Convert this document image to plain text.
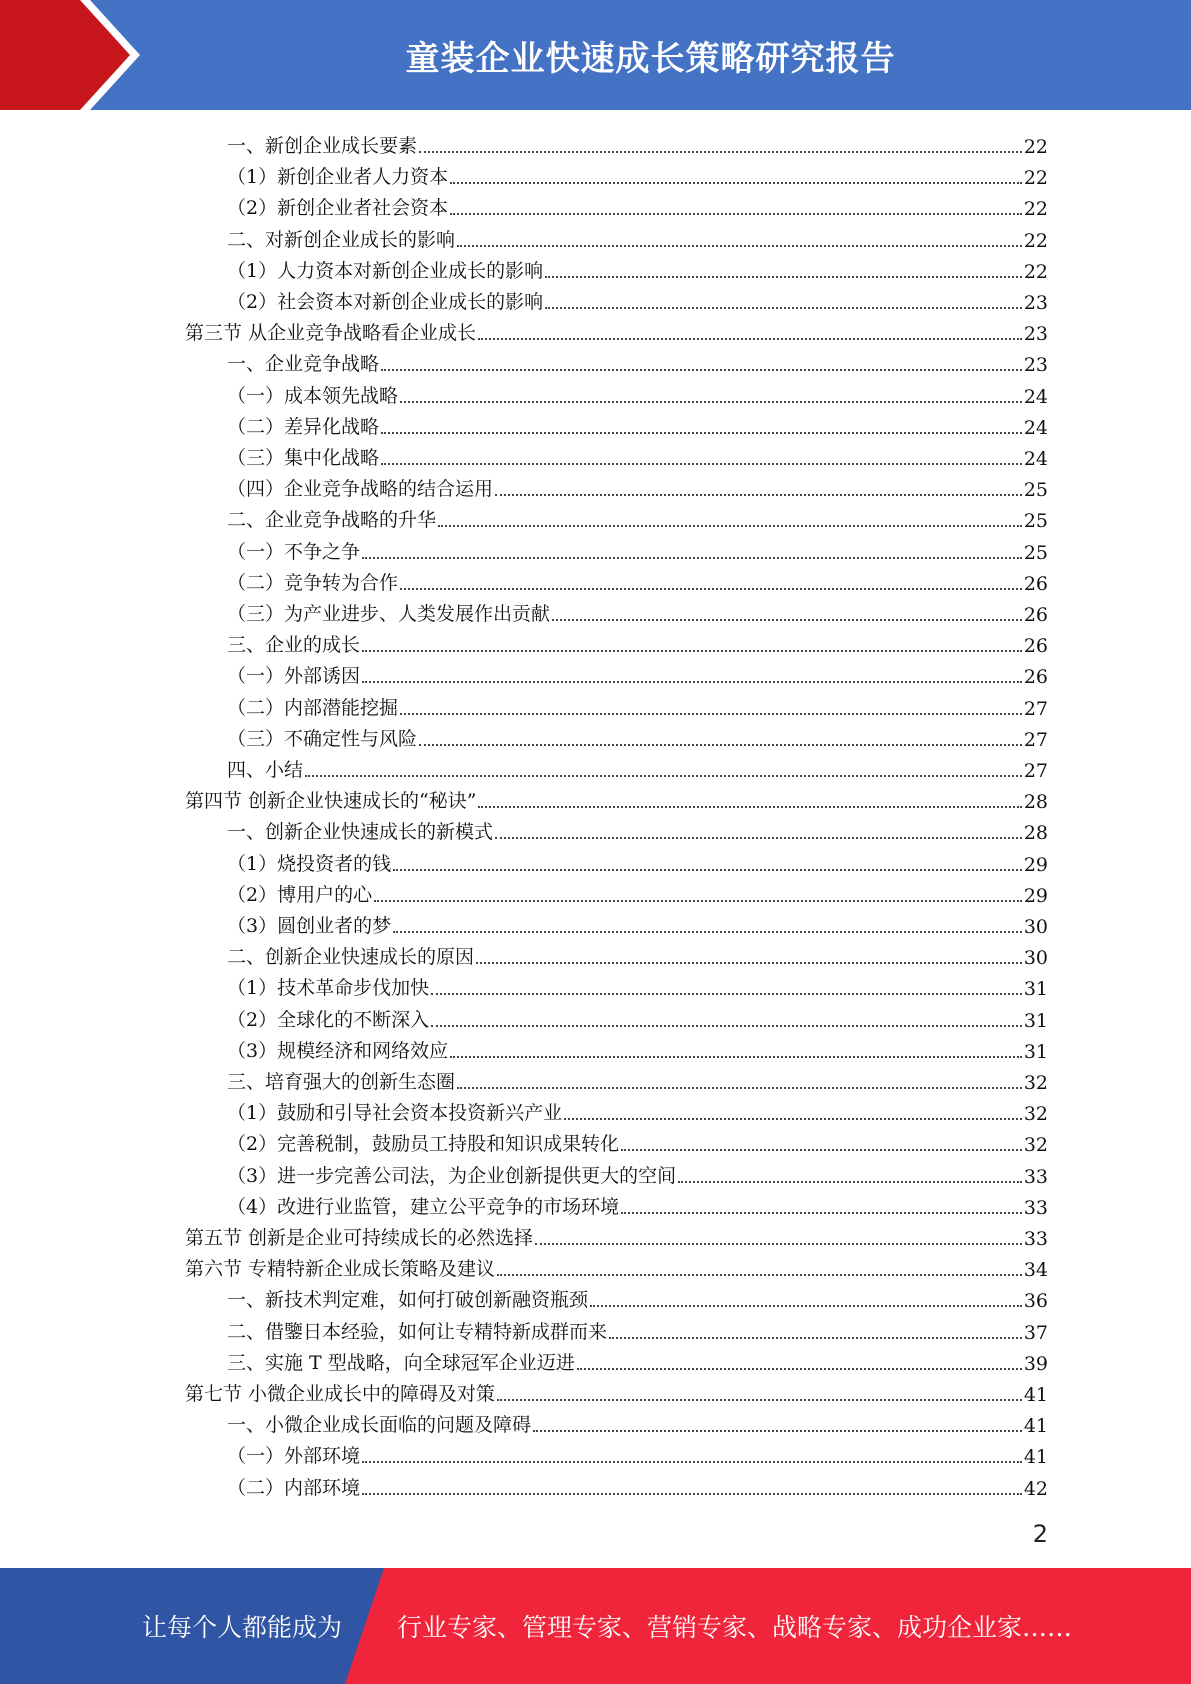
童装企业快速成长策略研究报告
一、新创企业成长要素	22
（1）新创企业者人力资本	22
（2）新创企业者社会资本	22
二、对新创企业成长的影响	22
（1）人力资本对新创企业成长的影响	22
（2）社会资本对新创企业成长的影响	23
第三节 从企业竞争战略看企业成长	23
一、企业竞争战略	23
（一）成本领先战略	24
（二）差异化战略	24
（三）集中化战略	24
（四）企业竞争战略的结合运用	25
二、企业竞争战略的升华	25
（一）不争之争	25
（二）竞争转为合作	26
（三）为产业进步、人类发展作出贡献	26
三、企业的成长	26
（一）外部诱因	26
（二）内部潜能挖掘	27
（三）不确定性与风险	27
四、小结	27
第四节 创新企业快速成长的“秘诀”	28
一、创新企业快速成长的新模式	28
（1）烧投资者的钱	29
（2）博用户的心	29
（3）圆创业者的梦	30
二、创新企业快速成长的原因	30
（1）技术革命步伐加快	31
（2）全球化的不断深入	31
（3）规模经济和网络效应	31
三、培育强大的创新生态圈	32
（1）鼓励和引导社会资本投资新兴产业	32
（2）完善税制，鼓励员工持股和知识成果转化	32
（3）进一步完善公司法，为企业创新提供更大的空间	33
（4）改进行业监管，建立公平竞争的市场环境	33
第五节 创新是企业可持续成长的必然选择	33
第六节 专精特新企业成长策略及建议	34
一、新技术判定难，如何打破创新融资瓶颈	36
二、借鑒日本经验，如何让专精特新成群而来	37
三、实施 T 型战略，向全球冠军企业迈进	39
第七节 小微企业成长中的障碍及对策	41
一、小微企业成长面临的问题及障碍	41
（一）外部环境	41
（二）内部环境	42
2
让每个人都能成为 行业专家、管理专家、营销专家、战略专家、成功企业家……
